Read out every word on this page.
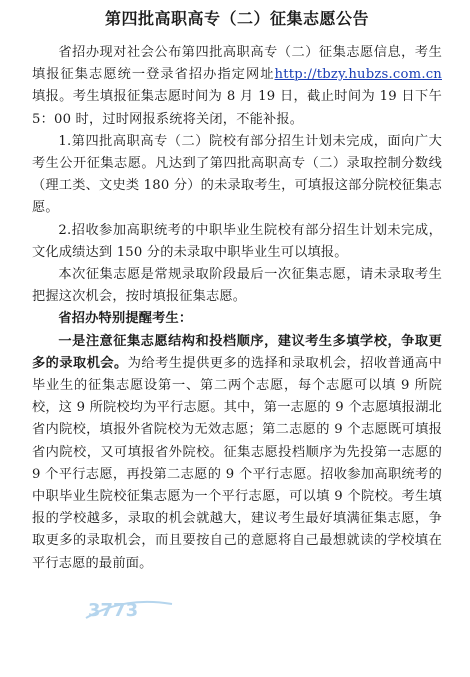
第四批高职高专（二）征集志愿公告

省招办现对社会公布第四批高职高专（二）征集志愿信息，考生填报征集志愿统一登录省招办指定网址http://tbzy.hubzs.com.cn 填报。考生填报征集志愿时间为 8 月 19 日，截止时间为 19 日下午 5：00 时，过时网报系统将关闭，不能补报。

1.第四批高职高专（二）院校有部分招生计划未完成，面向广大考生公开征集志愿。凡达到了第四批高职高专（二）录取控制分数线（理工类、文史类 180 分）的未录取考生，可填报这部分院校征集志愿。

2.招收参加高职统考的中职毕业生院校有部分招生计划未完成，文化成绩达到 150 分的未录取中职毕业生可以填报。

本次征集志愿是常规录取阶段最后一次征集志愿，请未录取考生把握这次机会，按时填报征集志愿。

省招办特别提醒考生：

一是注意征集志愿结构和投档顺序，建议考生多填学校，争取更多的录取机会。为给考生提供更多的选择和录取机会，招收普通高中毕业生的征集志愿设第一、第二两个志愿，每个志愿可以填 9 所院校，这 9 所院校均为平行志愿。其中，第一志愿的 9 个志愿填报湖北省内院校，填报外省院校为无效志愿；第二志愿的 9 个志愿既可填报省内院校，又可填报省外院校。征集志愿投档顺序为先投第一志愿的 9 个平行志愿，再投第二志愿的 9 个平行志愿。招收参加高职统考的中职毕业生院校征集志愿为一个平行志愿，可以填 9 个院校。考生填报的学校越多，录取的机会就越大，建议考生最好填满征集志愿，争取更多的录取机会，而且要按自己的意愿将自己最想就读的学校填在平行志愿的最前面。

3773
